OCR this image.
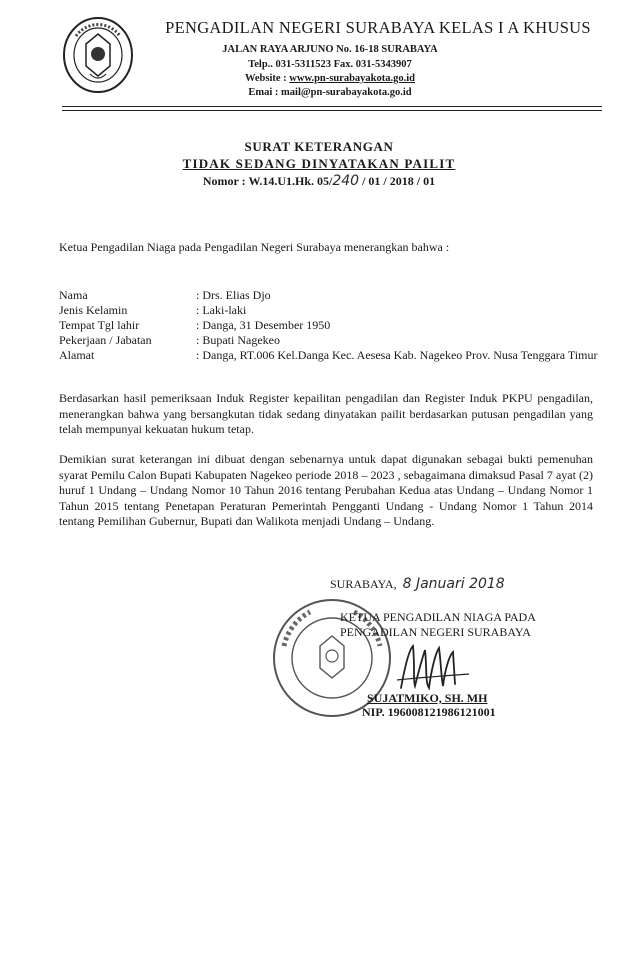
PENGADILAN NEGERI SURABAYA KELAS I A KHUSUS
JALAN RAYA ARJUNO No. 16-18 SURABAYA
Telp.. 031-5311523 Fax. 031-5343907
Website : www.pn-surabayakota.go.id
Emai : mail@pn-surabayakota.go.id
SURAT KETERANGAN
TIDAK SEDANG DINYATAKAN PAILIT
Nomor : W.14.U1.Hk. 05/240 / 01 / 2018 / 01
Ketua Pengadilan Niaga pada Pengadilan Negeri Surabaya menerangkan bahwa :
Nama	: Drs. Elias Djo
Jenis Kelamin	: Laki-laki
Tempat Tgl lahir	: Danga, 31 Desember 1950
Pekerjaan / Jabatan	: Bupati Nagekeo
Alamat	: Danga, RT.006 Kel.Danga Kec. Aesesa Kab. Nagekeo Prov. Nusa Tenggara Timur
Berdasarkan hasil pemeriksaan Induk Register kepailitan pengadilan dan Register Induk PKPU pengadilan, menerangkan bahwa yang bersangkutan tidak sedang dinyatakan pailit berdasarkan putusan pengadilan yang telah mempunyai kekuatan hukum tetap.
Demikian surat keterangan ini dibuat dengan sebenarnya untuk dapat digunakan sebagai bukti pemenuhan syarat Pemilu Calon Bupati Kabupaten Nagekeo periode 2018 – 2023 , sebagaimana dimaksud Pasal 7 ayat (2) huruf 1 Undang – Undang Nomor 10 Tahun 2016 tentang Perubahan Kedua atas Undang – Undang Nomor 1 Tahun 2015 tentang Penetapan Peraturan Pemerintah Pengganti Undang - Undang Nomor 1 Tahun 2014 tentang Pemilihan Gubernur, Bupati dan Walikota menjadi Undang – Undang.
SURABAYA, 8 Januari 2018
KETUA PENGADILAN NIAGA PADA
PENGADILAN NEGERI SURABAYA
SUJATMIKO, SH. MH
NIP. 196008121986121001
